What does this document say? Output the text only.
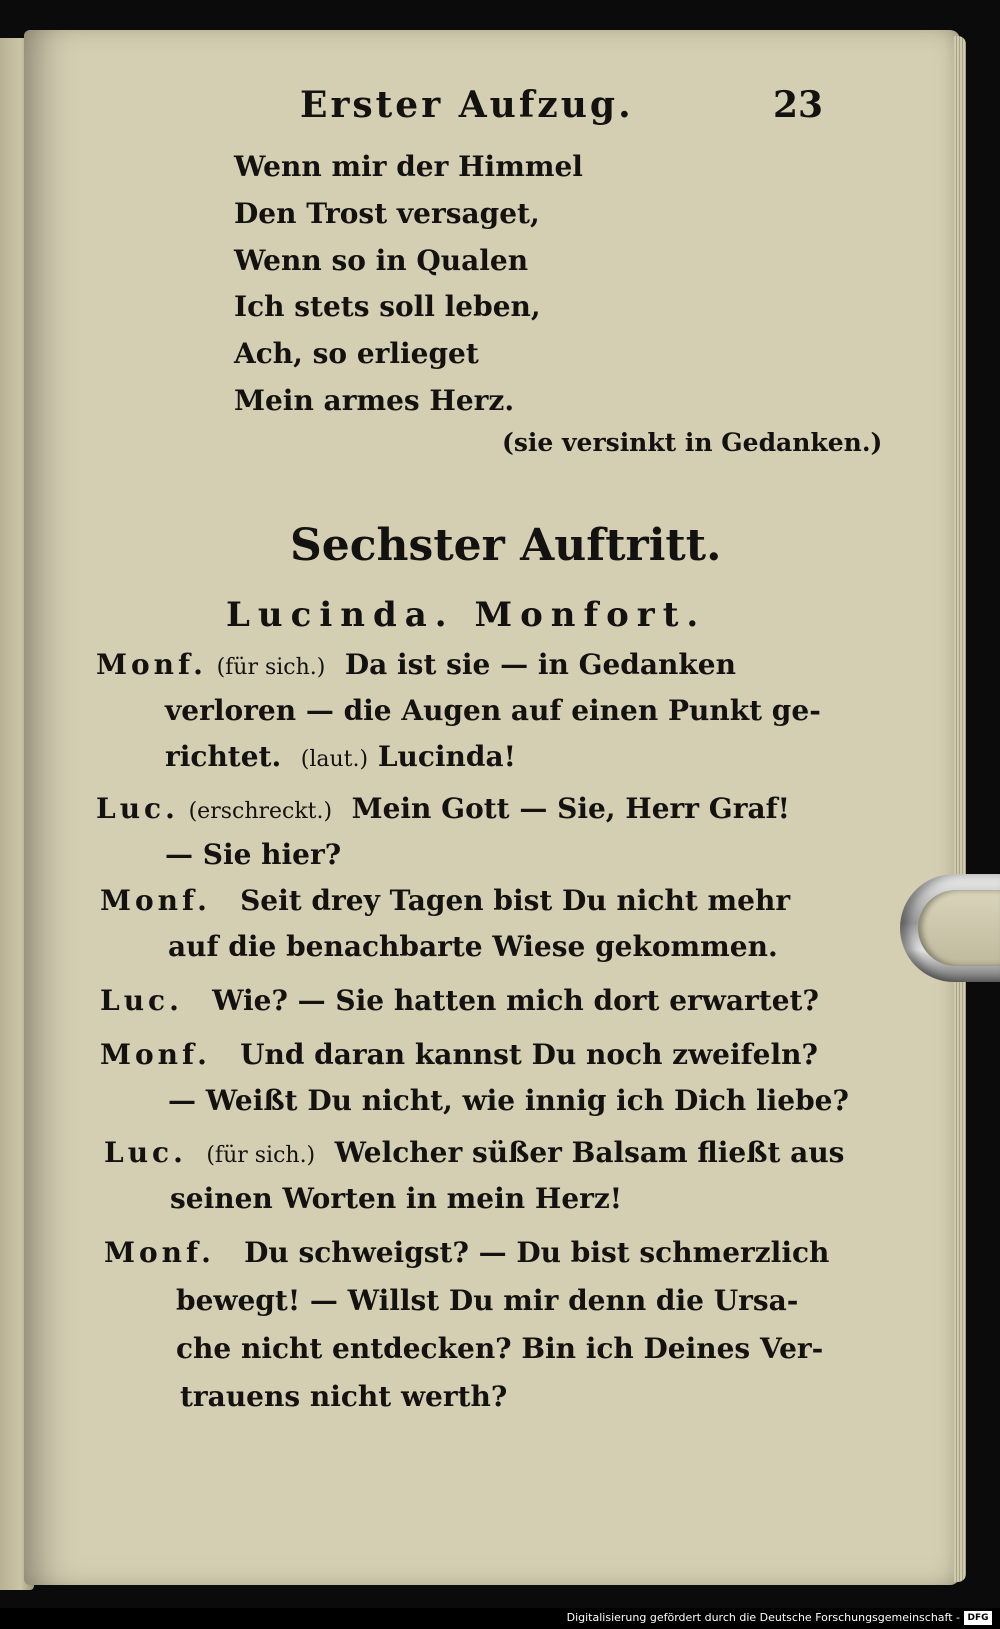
Erster Aufzug.	23
Wenn mir der Himmel
Den Trost versaget,
Wenn so in Qualen
Ich stets soll leben,
Ach, so erlieget
Mein armes Herz.
(sie versinkt in Gedanken.)
Sechster Auftritt.
Lucinda. Monfort.
Monf. (für sich.) Da ist sie — in Gedanken
verloren — die Augen auf einen Punkt ge-
richtet. (laut.) Lucinda!
Luc. (erschreckt.) Mein Gott — Sie, Herr Graf!
— Sie hier?
Monf. Seit drey Tagen bist Du nicht mehr
auf die benachbarte Wiese gekommen.
Luc. Wie? — Sie hatten mich dort erwartet?
Monf. Und daran kannst Du noch zweifeln?
— Weißt Du nicht, wie innig ich Dich liebe?
Luc. (für sich.) Welcher süßer Balsam fließt aus
seinen Worten in mein Herz!
Monf. Du schweigst? — Du bist schmerzlich
bewegt! — Willst Du mir denn die Ursa-
che nicht entdecken? Bin ich Deines Ver-
trauens nicht werth?
Digitalisierung gefördert durch die Deutsche Forschungsgemeinschaft - DFG
